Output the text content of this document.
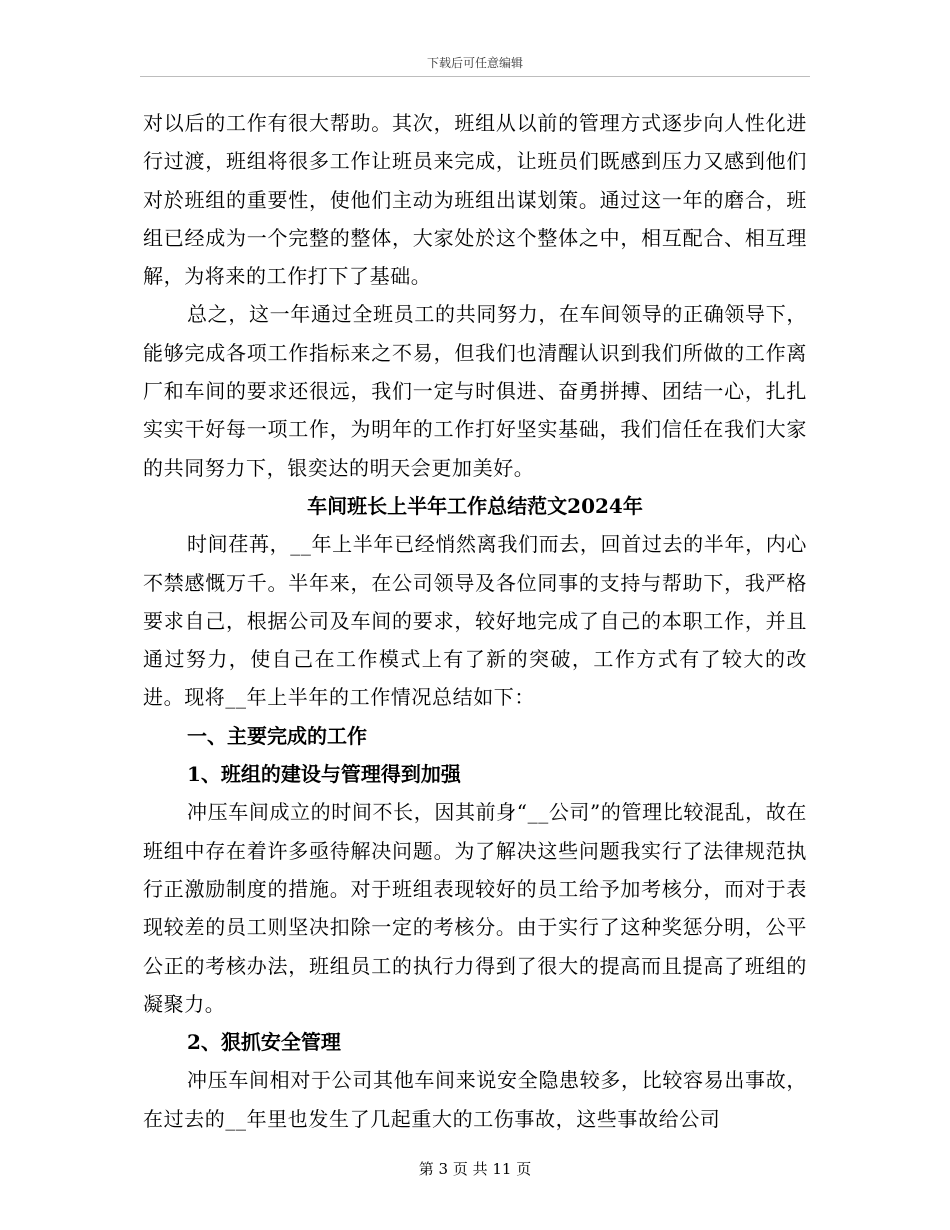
下载后可任意编辑

对以后的工作有很大帮助。其次，班组从以前的管理方式逐步向人性化进行过渡，班组将很多工作让班员来完成，让班员们既感到压力又感到他们对於班组的重要性，使他们主动为班组出谋划策。通过这一年的磨合，班组已经成为一个完整的整体，大家处於这个整体之中，相互配合、相互理解，为将来的工作打下了基础。

总之，这一年通过全班员工的共同努力，在车间领导的正确领导下，能够完成各项工作指标来之不易，但我们也清醒认识到我们所做的工作离厂和车间的要求还很远，我们一定与时俱进、奋勇拼搏、团结一心，扎扎实实干好每一项工作，为明年的工作打好坚实基础，我们信任在我们大家的共同努力下，银奕达的明天会更加美好。

车间班长上半年工作总结范文2024年

时间荏苒，__年上半年已经悄然离我们而去，回首过去的半年，内心不禁感慨万千。半年来，在公司领导及各位同事的支持与帮助下，我严格要求自己，根据公司及车间的要求，较好地完成了自己的本职工作，并且通过努力，使自己在工作模式上有了新的突破，工作方式有了较大的改进。现将__年上半年的工作情况总结如下：

一、主要完成的工作

1、班组的建设与管理得到加强

冲压车间成立的时间不长，因其前身“__公司”的管理比较混乱，故在班组中存在着许多亟待解决问题。为了解决这些问题我实行了法律规范执行正激励制度的措施。对于班组表现较好的员工给予加考核分，而对于表现较差的员工则坚决扣除一定的考核分。由于实行了这种奖惩分明，公平公正的考核办法，班组员工的执行力得到了很大的提高而且提高了班组的凝聚力。

2、狠抓安全管理

冲压车间相对于公司其他车间来说安全隐患较多，比较容易出事故，在过去的__年里也发生了几起重大的工伤事故，这些事故给公司

第 3 页 共 11 页
